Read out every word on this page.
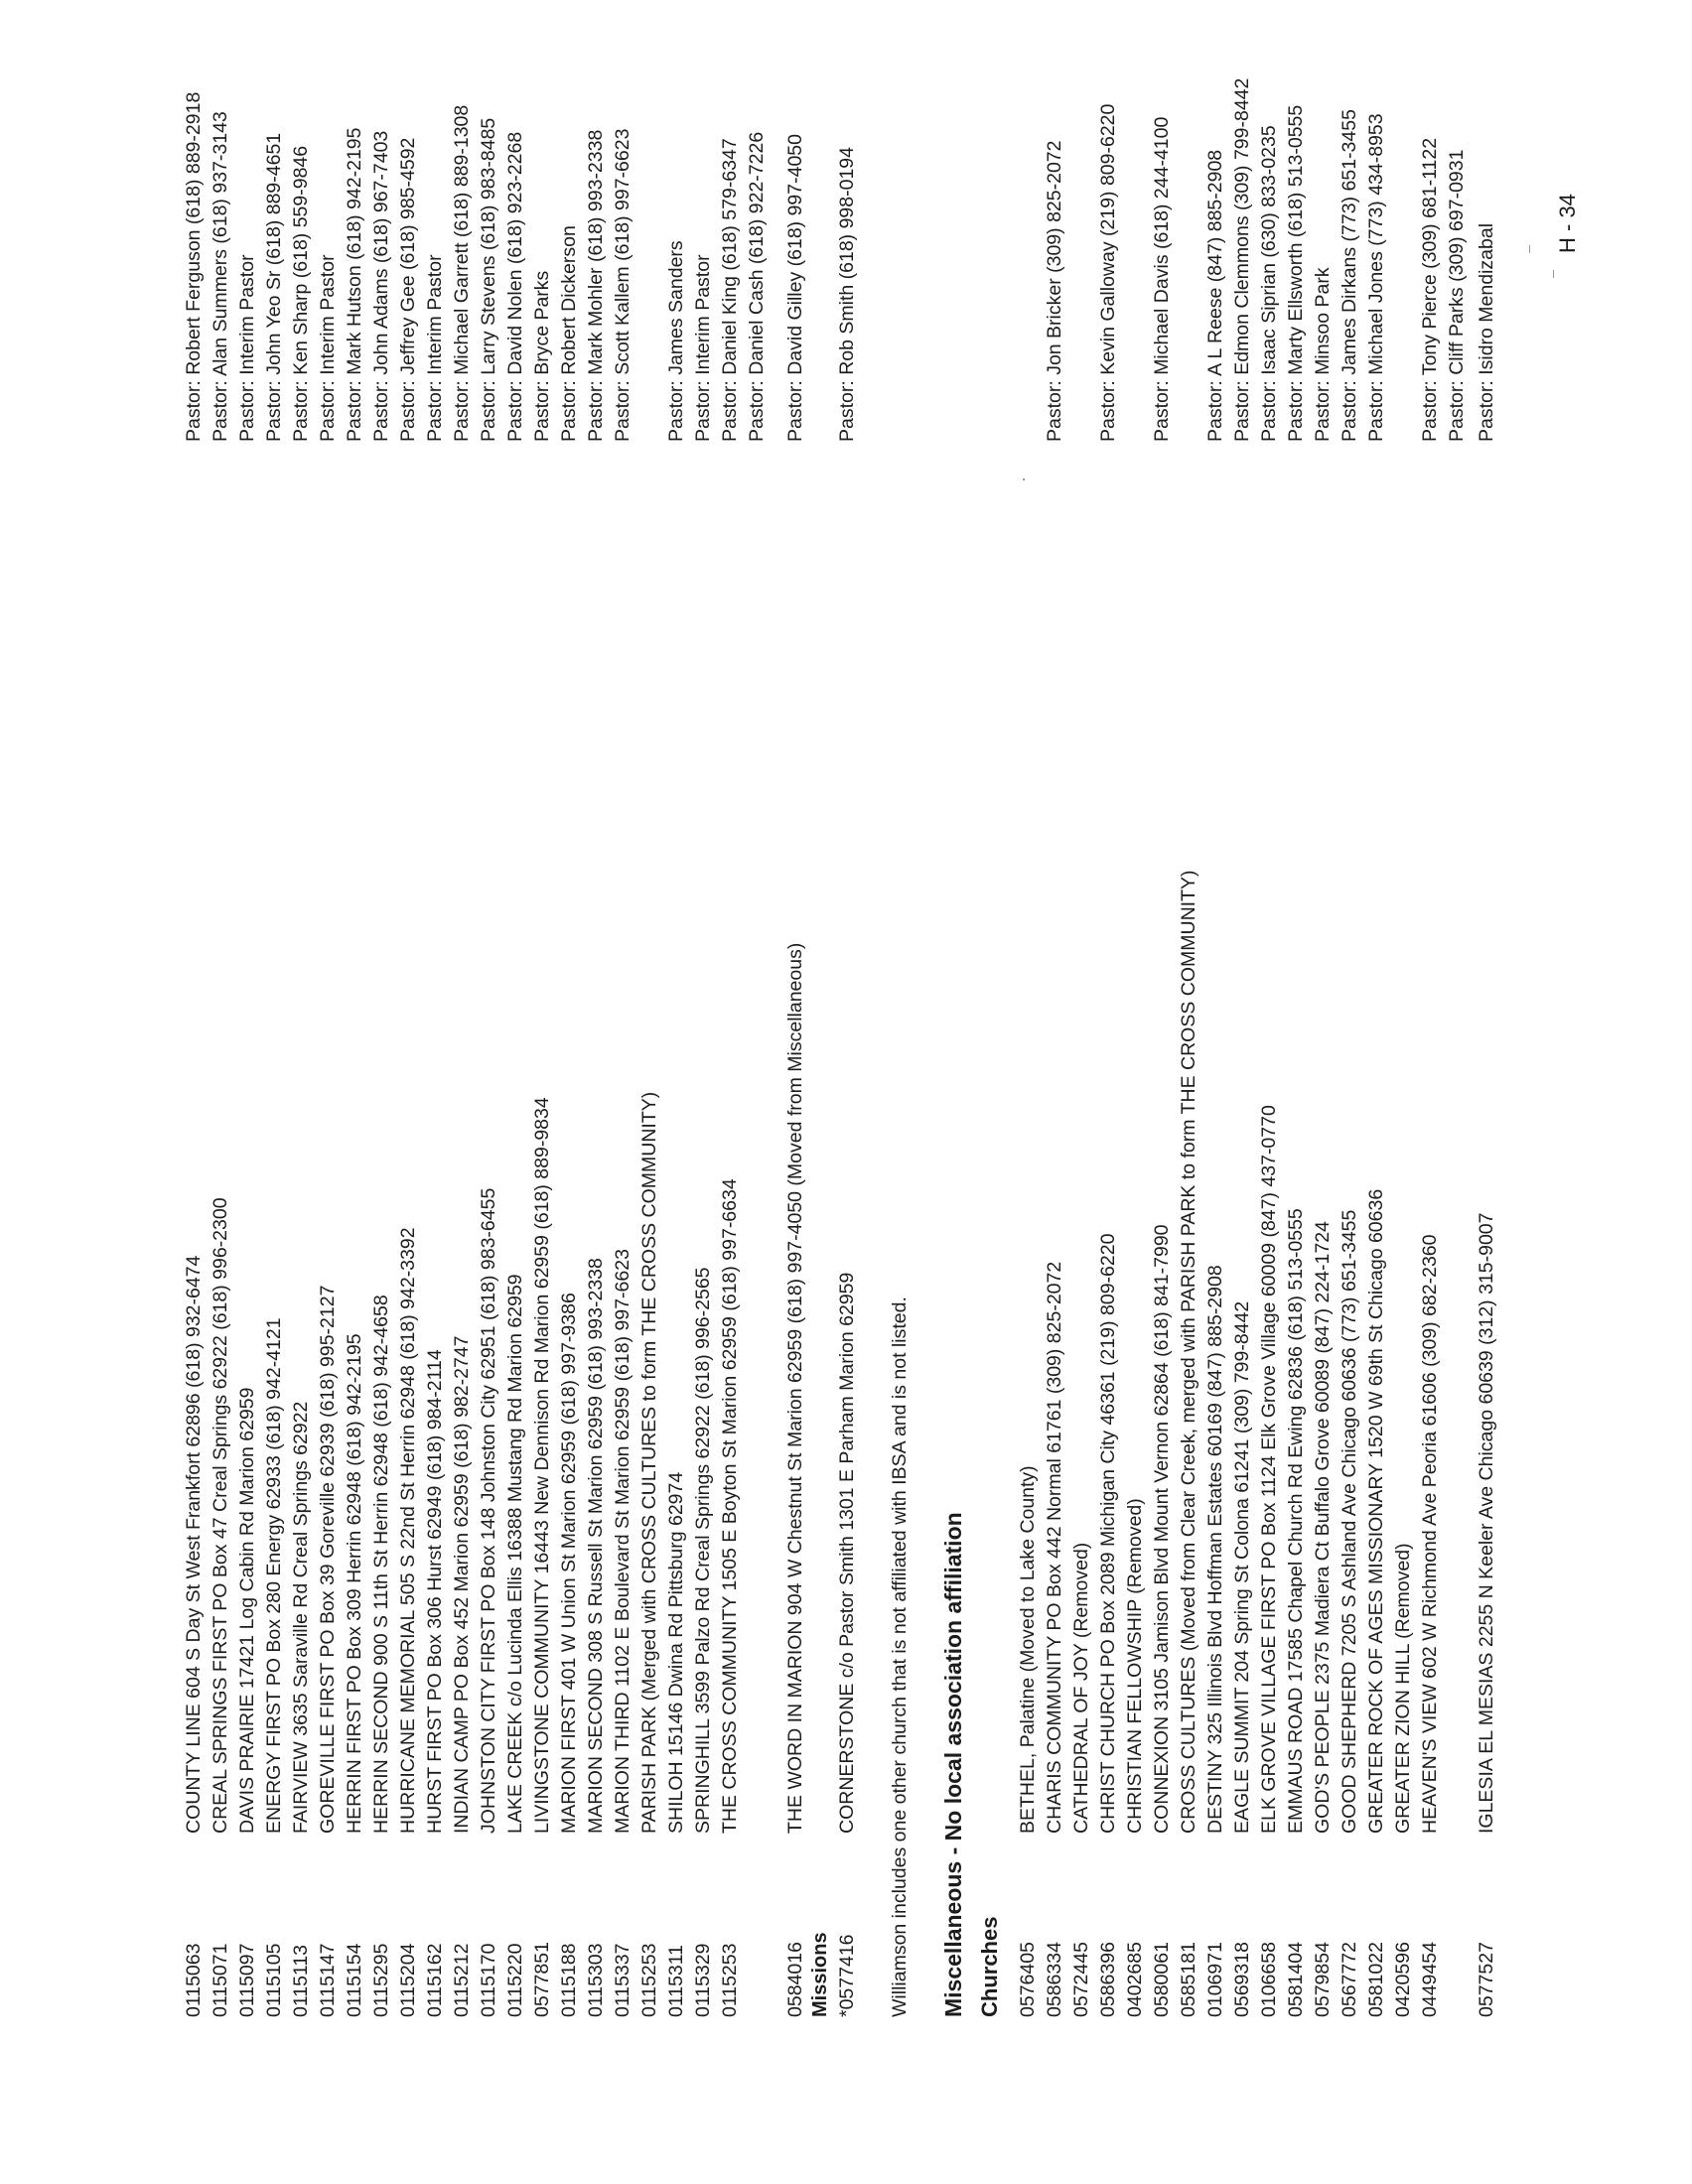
0115063 0115071 0115097 0115105 0115113 0115147 0115154 0115295 0115204 0115162 0115212 0115170 0115220 0577851 0115188 0115303 0115337 0115253 0115311 0115329 0115253
COUNTY LINE 604 S Day St West Frankfort 62896 (618) 932-6474 CREAL SPRINGS FIRST PO Box 47 Creal Springs 62922 (618) 996-2300 DAVIS PRAIRIE 17421 Log Cabin Rd Marion 62959 ENERGY FIRST PO Box 280 Energy 62933 (618) 942-4121 FAIRVIEW 3635 Saraville Rd Creal Springs 62922 GOREVILLE FIRST PO Box 39 Goreville 62939 (618) 995-2127 HERRIN FIRST PO Box 309 Herrin 62948 (618) 942-2195 HERRIN SECOND 900 S 11th St Herrin 62948 (618) 942-4658 HURRICANE MEMORIAL 505 S 22nd St Herrin 62948 (618) 942-3392 HURST FIRST PO Box 306 Hurst 62949 (618) 984-2114 INDIAN CAMP PO Box 452 Marion 62959 (618) 982-2747 JOHNSTON CITY FIRST PO Box 148 Johnston City 62951 (618) 983-6455 LAKE CREEK c/o Lucinda Ellis 16388 Mustang Rd Marion 62959 LIVINGSTONE COMMUNITY 16443 New Dennison Rd Marion 62959 (618) 889-9834 MARION FIRST 401 W Union St Marion 62959 (618) 997-9386 MARION SECOND 308 S Russell St Marion 62959 (618) 993-2338 MARION THIRD 1102 E Boulevard St Marion 62959 (618) 997-6623 PARISH PARK (Merged with CROSS CULTURES to form THE CROSS COMMUNITY) SHILOH 15146 Dwina Rd Pittsburg 62974 SPRINGHILL 3599 Palzo Rd Creal Springs 62922 (618) 996-2565 THE CROSS COMMUNITY 1505 E Boyton St Marion 62959 (618) 997-6634
Pastor: Robert Ferguson (618) 889-2918 Pastor: Alan Summers (618) 937-3143 Pastor: Interim Pastor Pastor: John Yeo Sr (618) 889-4651 Pastor: Ken Sharp (618) 559-9846 Pastor: Interim Pastor Pastor: Mark Hutson (618) 942-2195 Pastor: John Adams (618) 967-7403 Pastor: Jeffrey Gee (618) 985-4592 Pastor: Interim Pastor Pastor: Michael Garrett (618) 889-1308 Pastor: Larry Stevens (618) 983-8485 Pastor: David Nolen (618) 923-2268 Pastor: Bryce Parks Pastor: Robert Dickerson Pastor: Mark Mohler (618) 993-2338 Pastor: Scott Kallem (618) 997-6623
Pastor: James Sanders Pastor: Interim Pastor Pastor: Daniel King (618) 579-6347 Pastor: Daniel Cash (618) 922-7226
0584016
THE WORD IN MARION 904 W Chestnut St Marion 62959 (618) 997-4050 (Moved from Miscellaneous)
Pastor: David Gilley (618) 997-4050
Missions *0577416
CORNERSTONE c/o Pastor Smith 1301 E Parham Marion 62959
Pastor: Rob Smith (618) 998-0194
Williamson includes one other church that is not affiliated with IBSA and is not listed. Miscellaneous - No local association affiliation Churches 0576405 0586334 0572445 0586396 0402685 0580061 0585181 0106971 0569318 0106658 0581404 0579854 0567772 0581022 0420596 0449454
BETHEL, Palatine (Moved to Lake County) CHARIS COMMUNITY PO Box 442 Normal 61761 (309) 825-2072 CATHEDRAL OF JOY (Removed) CHRIST CHURCH PO Box 2089 Michigan City 46361 (219) 809-6220 CHRISTIAN FELLOWSHIP (Removed) CONNEXION 3105 Jamison Blvd Mount Vernon 62864 (618) 841-7990 CROSS CULTURES (Moved from Clear Creek, merged with PARISH PARK to form THE CROSS COMMUNITY) DESTINY 325 Illinois Blvd Hoffman Estates 60169 (847) 885-2908 EAGLE SUMMIT 204 Spring St Colona 61241 (309) 799-8442 ELK GROVE VILLAGE FIRST PO Box 1124 Elk Grove Village 60009 (847) 437-0770 EMMAUS ROAD 17585 Chapel Church Rd Ewing 62836 (618) 513-0555 GOD'S PEOPLE 2375 Madiera Ct Buffalo Grove 60089 (847) 224-1724 GOOD SHEPHERD 7205 S Ashland Ave Chicago 60636 (773) 651-3455 GREATER ROCK OF AGES MISSIONARY 1520 W 69th St Chicago 60636 GREATER ZION HILL (Removed) HEAVEN'S VIEW 602 W Richmond Ave Peoria 61606 (309) 682-2360

Pastor: Jon Bricker (309) 825-2072
Pastor: Kevin Galloway (219) 809-6220
Pastor: Michael Davis (618) 244-4100
Pastor: A L Reese (847) 885-2908 Pastor: Edmon Clemmons (309) 799-8442 Pastor: Isaac Siprian (630) 833-0235 Pastor: Marty Ellsworth (618) 513-0555 Pastor: Minsoo Park Pastor: James Dirkans (773) 651-3455 Pastor: Michael Jones (773) 434-8953
Pastor: Tony Pierce (309) 681-1122 Pastor: Cliff Parks (309) 697-0931
0577527
IGLESIA EL MESIAS 2255 N Keeler Ave Chicago 60639 (312) 315-9007
Pastor: Isidro Mendizabal	H - 34
